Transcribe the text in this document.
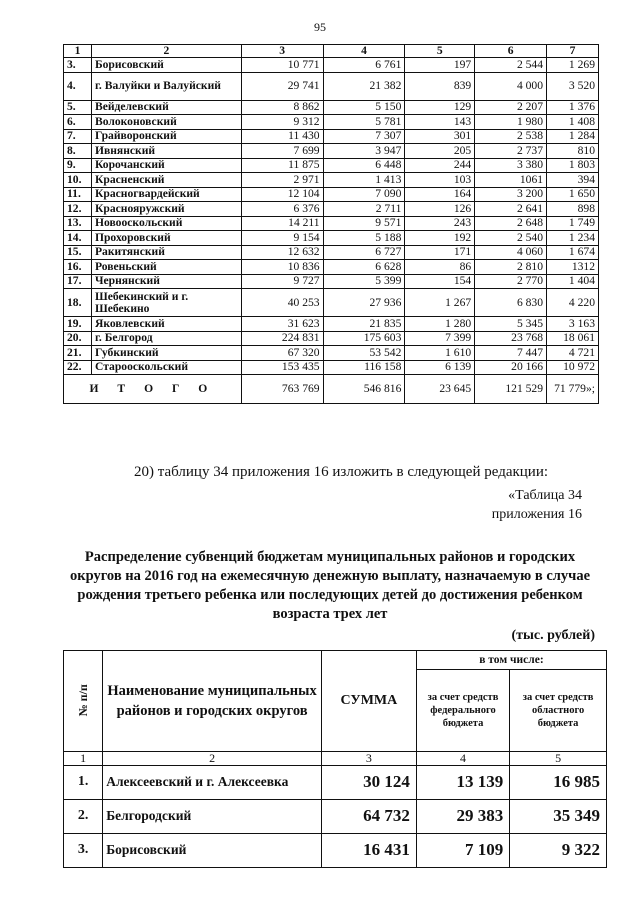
95
1	2	3	4	5	6	7
3.	Борисовский	10 771	6 761	197	2 544	1 269
4.	г. Валуйки и Валуйский	29 741	21 382	839	4 000	3 520
5.	Вейделевский	8 862	5 150	129	2 207	1 376
6.	Волоконовский	9 312	5 781	143	1 980	1 408
7.	Грайворонский	11 430	7 307	301	2 538	1 284
8.	Ивнянский	7 699	3 947	205	2 737	810
9.	Корочанский	11 875	6 448	244	3 380	1 803
10.	Красненский	2 971	1 413	103	1061	394
11.	Красногвардейский	12 104	7 090	164	3 200	1 650
12.	Краснояружский	6 376	2 711	126	2 641	898
13.	Новооскольский	14 211	9 571	243	2 648	1 749
14.	Прохоровский	9 154	5 188	192	2 540	1 234
15.	Ракитянский	12 632	6 727	171	4 060	1 674
16.	Ровеньский	10 836	6 628	86	2 810	1312
17.	Чернянский	9 727	5 399	154	2 770	1 404
18.	Шебекинский и г. Шебекино	40 253	27 936	1 267	6 830	4 220
19.	Яковлевский	31 623	21 835	1 280	5 345	3 163
20.	г. Белгород	224 831	175 603	7 399	23 768	18 061
21.	Губкинский	67 320	53 542	1 610	7 447	4 721
22.	Старооскольский	153 435	116 158	6 139	20 166	10 972
И Т О Г О		763 769	546 816	23 645	121 529	71 779»;
20) таблицу 34 приложения 16 изложить в следующей редакции:
«Таблица 34
приложения 16
Распределение субвенций бюджетам муниципальных районов и городских округов на 2016 год на ежемесячную денежную выплату, назначаемую в случае рождения третьего ребенка или последующих детей до достижения ребенком возраста трех лет
(тыс. рублей)
№ п/п	Наименование муниципальных районов и городских округов	СУММА	в том числе:	
			за счет средств федерального бюджета	за счет средств областного бюджета
1	2	3	4	5
1.	Алексеевский и г. Алексеевка	30 124	13 139	16 985
2.	Белгородский	64 732	29 383	35 349
3.	Борисовский	16 431	7 109	9 322
